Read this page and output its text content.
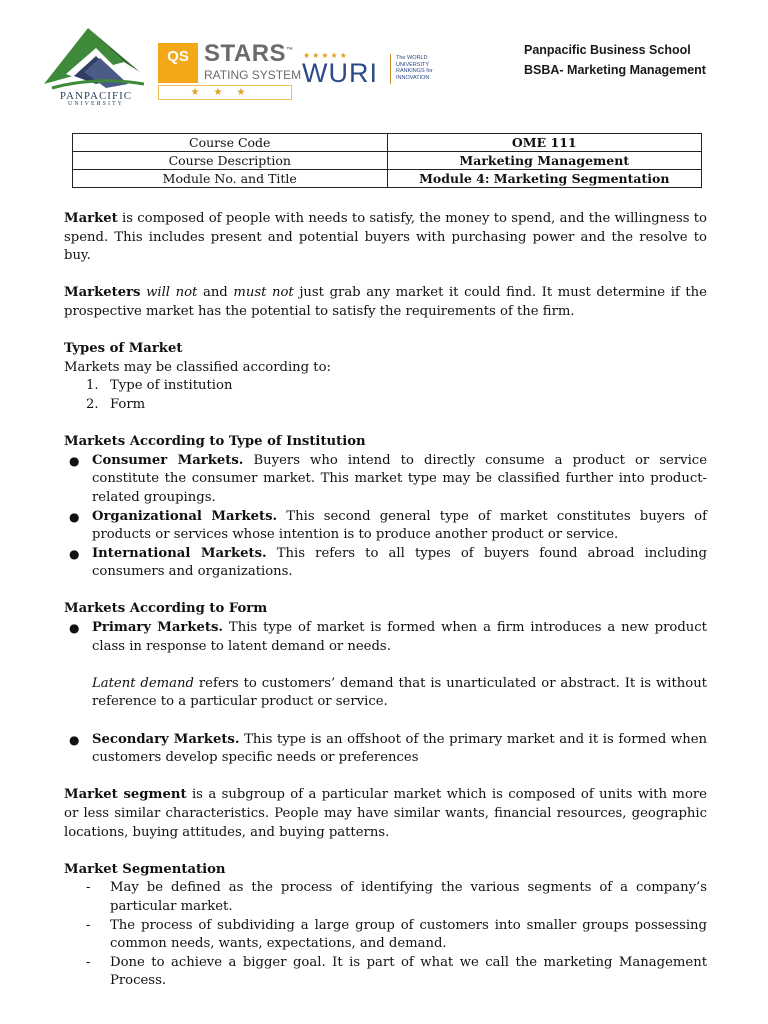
PANPACIFIC
UNIVERSITY
QS STARS™
RATING SYSTEM
★★★
★★★★★
WURI	The WORLD UNIVERSITY RANKINGS for INNOVATION
Panpacific Business School
BSBA- Marketing Management
Course Code	OME 111
Course Description	Marketing Management
Module No. and Title	Module 4: Marketing Segmentation

Market is composed of people with needs to satisfy, the money to spend, and the willingness to spend. This includes present and potential buyers with purchasing power and the resolve to buy.

Marketers will not and must not just grab any market it could find. It must determine if the prospective market has the potential to satisfy the requirements of the firm.

Types of Market

Markets may be classified according to:

1. Type of institution
2. Form

Markets According to Type of Institution

● Consumer Markets. Buyers who intend to directly consume a product or service constitute the consumer market. This market type may be classified further into product-related groupings.
● Organizational Markets. This second general type of market constitutes buyers of products or services whose intention is to produce another product or service.
● International Markets. This refers to all types of buyers found abroad including consumers and organizations.

Markets According to Form

● Primary Markets. This type of market is formed when a firm introduces a new product class in response to latent demand or needs.

Latent demand refers to customers’ demand that is unarticulated or abstract. It is without reference to a particular product or service.

● Secondary Markets. This type is an offshoot of the primary market and it is formed when customers develop specific needs or preferences

Market segment is a subgroup of a particular market which is composed of units with more or less similar characteristics. People may have similar wants, financial resources, geographic locations, buying attitudes, and buying patterns.

Market Segmentation

- May be defined as the process of identifying the various segments of a company’s particular market.
- The process of subdividing a large group of customers into smaller groups possessing common needs, wants, expectations, and demand.
- Done to achieve a bigger goal. It is part of what we call the marketing Management Process.
